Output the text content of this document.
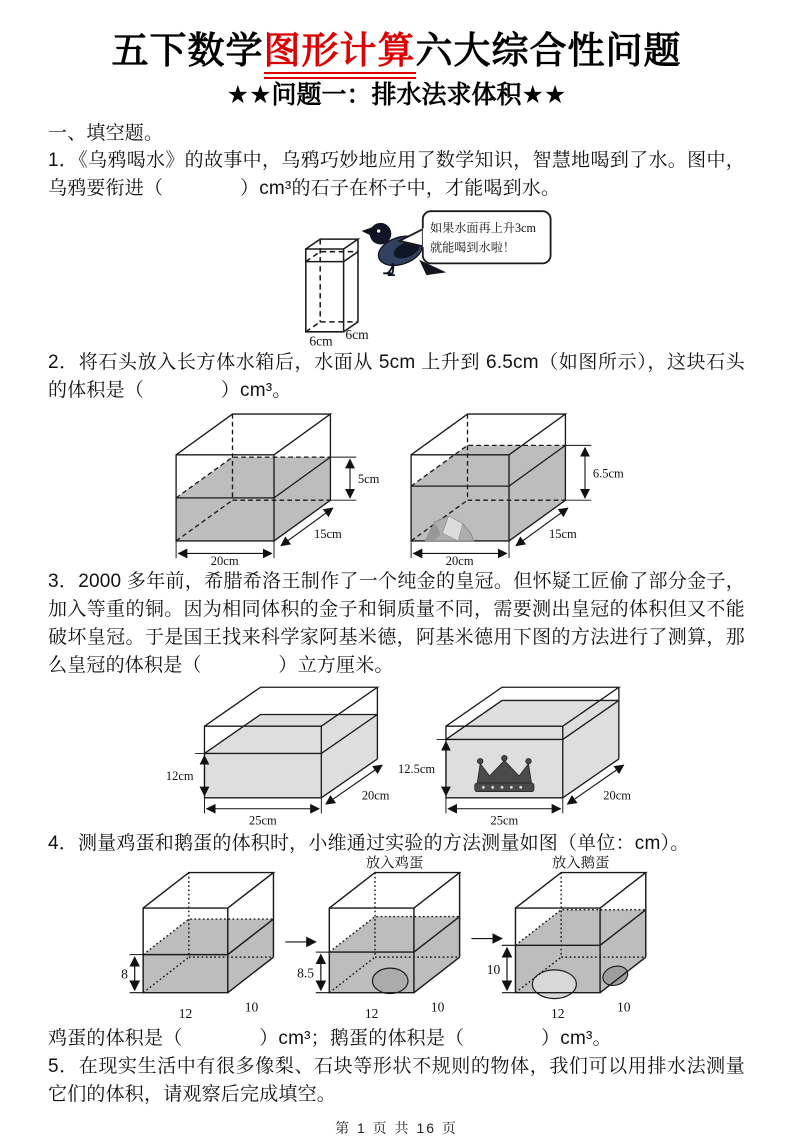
五下数学图形计算六大综合性问题
★★问题一：排水法求体积★★

一、填空题。

1．《乌鸦喝水》的故事中，乌鸦巧妙地应用了数学知识，智慧地喝到了水。图中，乌鸦要衔进（　　　　）cm³的石子在杯子中，才能喝到水。

6cm 6cm
如果水面再上升3cm
就能喝到水啦！

2．将石头放入长方体水箱后，水面从 5cm 上升到 6.5cm（如图所示），这块石头的体积是（　　　　）cm³。

5cm
15cm
20cm
6.5cm
15cm
20cm

3．2000 多年前，希腊希洛王制作了一个纯金的皇冠。但怀疑工匠偷了部分金子，加入等重的铜。因为相同体积的金子和铜质量不同，需要测出皇冠的体积但又不能破坏皇冠。于是国王找来科学家阿基米德，阿基米德用下图的方法进行了测算，那么皇冠的体积是（　　　　）立方厘米。

12cm
20cm
25cm
12.5cm
20cm
25cm

4．测量鸡蛋和鹅蛋的体积时，小维通过实验的方法测量如图（单位：cm）。

8
12	10
8.5
12	10
放入鸡蛋
10
12	10
放入鹅蛋

鸡蛋的体积是（　　　　）cm³；鹅蛋的体积是（　　　　）cm³。

5．在现实生活中有很多像梨、石块等形状不规则的物体，我们可以用排水法测量它们的体积，请观察后完成填空。

第 1 页 共 16 页
